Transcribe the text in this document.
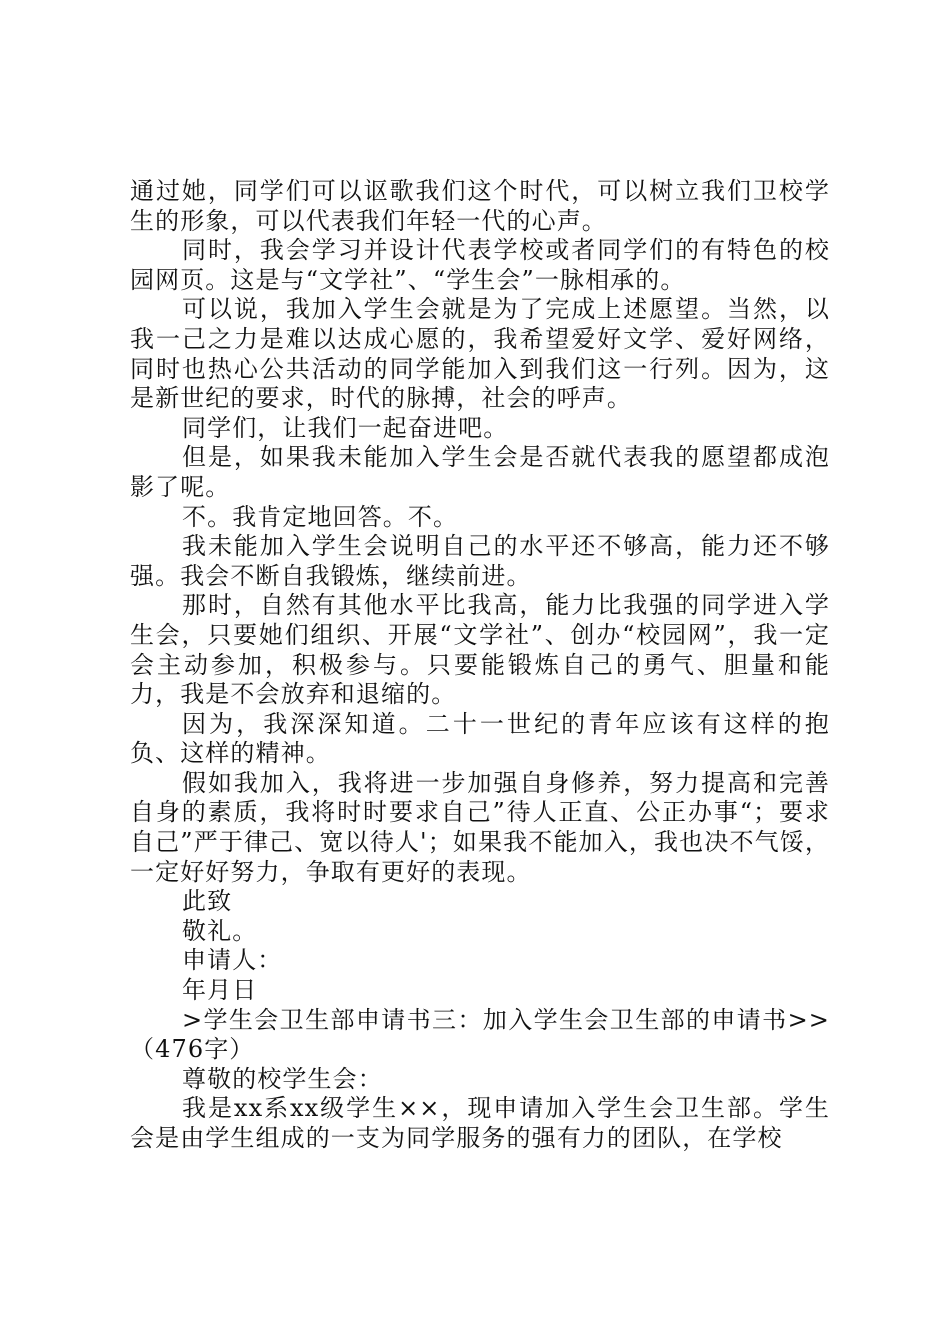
通过她，同学们可以讴歌我们这个时代，可以树立我们卫校学生的形象，可以代表我们年轻一代的心声。

同时，我会学习并设计代表学校或者同学们的有特色的校园网页。这是与“文学社”、“学生会”一脉相承的。

可以说，我加入学生会就是为了完成上述愿望。当然，以我一己之力是难以达成心愿的，我希望爱好文学、爱好网络，同时也热心公共活动的同学能加入到我们这一行列。因为，这是新世纪的要求，时代的脉搏，社会的呼声。

同学们，让我们一起奋进吧。

但是，如果我未能加入学生会是否就代表我的愿望都成泡影了呢。

不。我肯定地回答。不。

我未能加入学生会说明自己的水平还不够高，能力还不够强。我会不断自我锻炼，继续前进。

那时，自然有其他水平比我高，能力比我强的同学进入学生会，只要她们组织、开展“文学社”、创办“校园网”，我一定会主动参加，积极参与。只要能锻炼自己的勇气、胆量和能力，我是不会放弃和退缩的。

因为，我深深知道。二十一世纪的青年应该有这样的抱负、这样的精神。

假如我加入，我将进一步加强自身修养，努力提高和完善自身的素质，我将时时要求自己”待人正直、公正办事“；要求自己”严于律己、宽以待人'；如果我不能加入，我也决不气馁，一定好好努力，争取有更好的表现。

此致

敬礼。

申请人：

年月日

>学生会卫生部申请书三：加入学生会卫生部的申请书>>（476字）

尊敬的校学生会：

我是xx系xx级学生××，现申请加入学生会卫生部。学生会是由学生组成的一支为同学服务的强有力的团队，在学校
